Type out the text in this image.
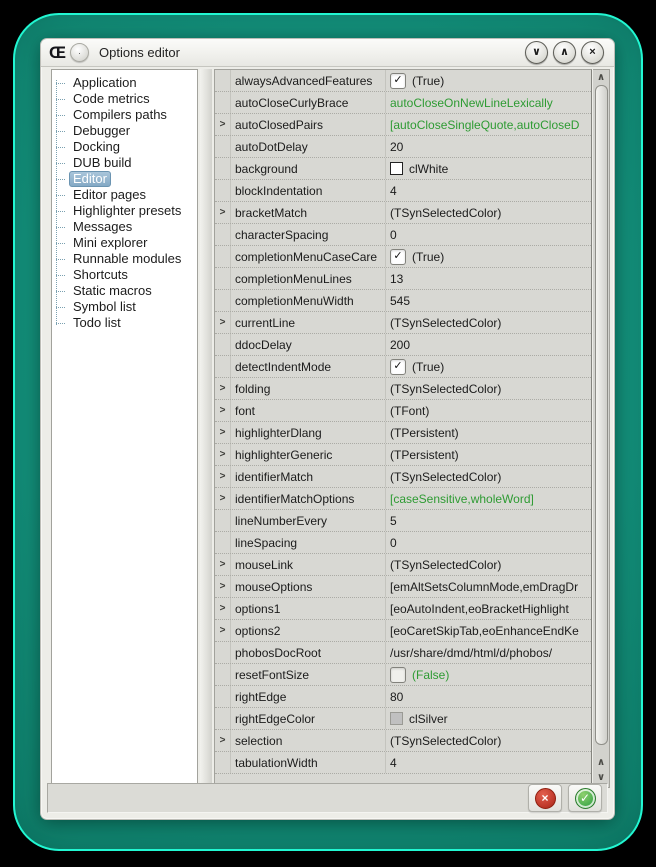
Œ	·	Options editor	∨	∧	×
Application
Code metrics
Compilers paths
Debugger
Docking
DUB build
Editor
Editor pages
Highlighter presets
Messages
Mini explorer
Runnable modules
Shortcuts
Static macros
Symbol list
Todo list
alwaysAdvancedFeatures	✓ (True)
autoCloseCurlyBrace	autoCloseOnNewLineLexically
> autoClosedPairs	[autoCloseSingleQuote,autoCloseD
autoDotDelay	20
background	clWhite
blockIndentation	4
> bracketMatch	(TSynSelectedColor)
characterSpacing	0
completionMenuCaseCare	✓ (True)
completionMenuLines	13
completionMenuWidth	545
> currentLine	(TSynSelectedColor)
ddocDelay	200
detectIndentMode	✓ (True)
> folding	(TSynSelectedColor)
> font	(TFont)
> highlighterDlang	(TPersistent)
> highlighterGeneric	(TPersistent)
> identifierMatch	(TSynSelectedColor)
> identifierMatchOptions	[caseSensitive,wholeWord]
lineNumberEvery	5
lineSpacing	0
> mouseLink	(TSynSelectedColor)
> mouseOptions	[emAltSetsColumnMode,emDragDr
> options1	[eoAutoIndent,eoBracketHighlight
> options2	[eoCaretSkipTab,eoEnhanceEndKe
phobosDocRoot	/usr/share/dmd/html/d/phobos/
resetFontSize	(False)
rightEdge	80
rightEdgeColor	clSilver
> selection	(TSynSelectedColor)
tabulationWidth	4
∧
∧
∨
×	✓
